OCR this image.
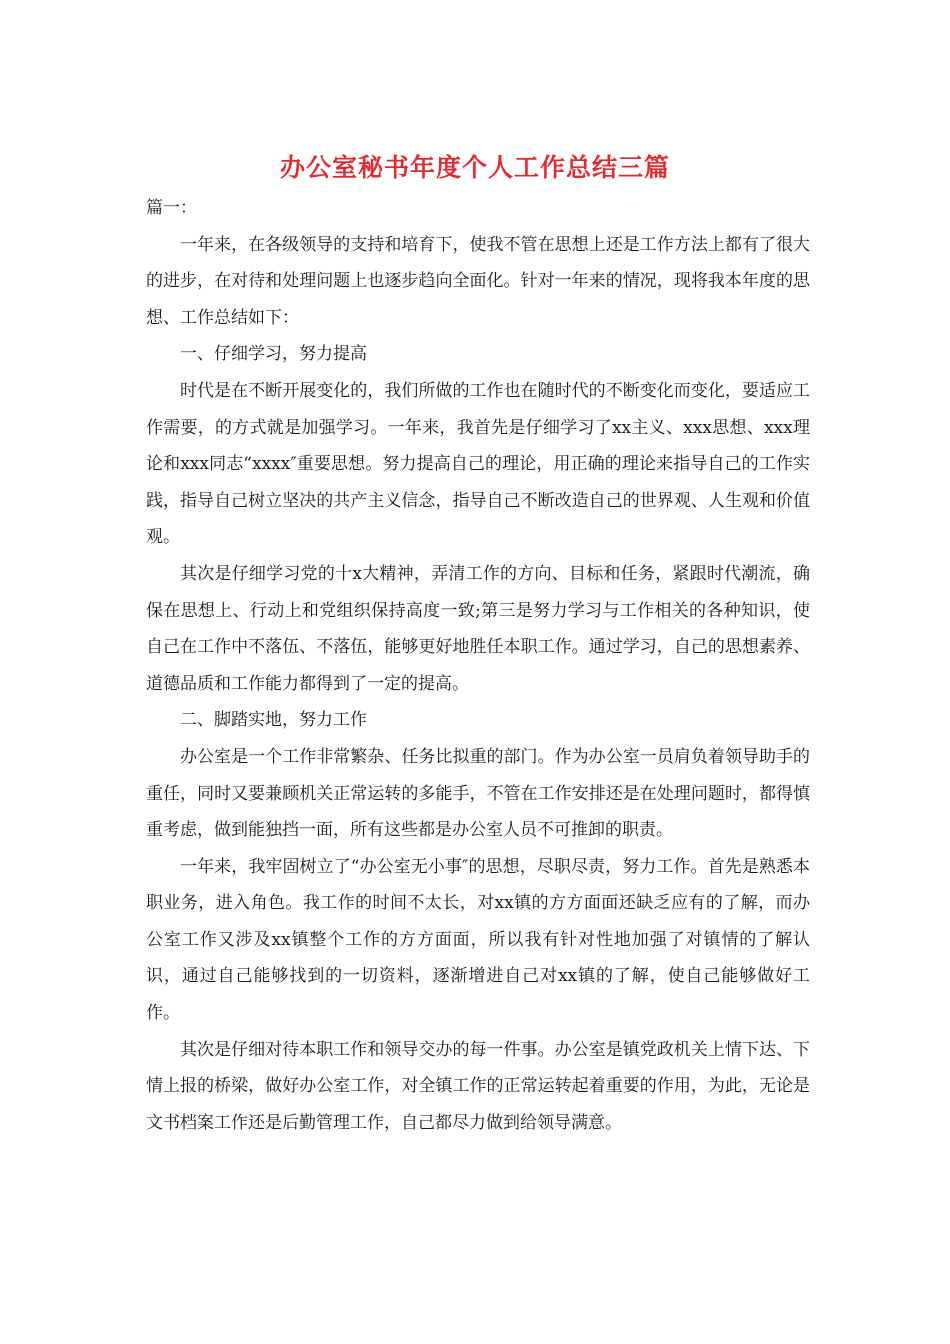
办公室秘书年度个人工作总结三篇

篇一：

一年来，在各级领导的支持和培育下，使我不管在思想上还是工作方法上都有了很大的进步，在对待和处理问题上也逐步趋向全面化。针对一年来的情况，现将我本年度的思想、工作总结如下：

一、仔细学习，努力提高

时代是在不断开展变化的，我们所做的工作也在随时代的不断变化而变化，要适应工作需要，的方式就是加强学习。一年来，我首先是仔细学习了xx主义、xxx思想、xxx理论和xxx同志“xxxx″重要思想。努力提高自己的理论，用正确的理论来指导自己的工作实践，指导自己树立坚决的共产主义信念，指导自己不断改造自己的世界观、人生观和价值观。

其次是仔细学习党的十x大精神，弄清工作的方向、目标和任务，紧跟时代潮流，确保在思想上、行动上和党组织保持高度一致;第三是努力学习与工作相关的各种知识，使自己在工作中不落伍、不落伍，能够更好地胜任本职工作。通过学习，自己的思想素养、道德品质和工作能力都得到了一定的提高。

二、脚踏实地，努力工作

办公室是一个工作非常繁杂、任务比拟重的部门。作为办公室一员肩负着领导助手的重任，同时又要兼顾机关正常运转的多能手，不管在工作安排还是在处理问题时，都得慎重考虑，做到能独挡一面，所有这些都是办公室人员不可推卸的职责。

一年来，我牢固树立了“办公室无小事″的思想，尽职尽责，努力工作。首先是熟悉本职业务，进入角色。我工作的时间不太长，对xx镇的方方面面还缺乏应有的了解，而办公室工作又涉及xx镇整个工作的方方面面，所以我有针对性地加强了对镇情的了解认识，通过自己能够找到的一切资料，逐渐增进自己对xx镇的了解，使自己能够做好工作。

其次是仔细对待本职工作和领导交办的每一件事。办公室是镇党政机关上情下达、下情上报的桥梁，做好办公室工作，对全镇工作的正常运转起着重要的作用，为此，无论是文书档案工作还是后勤管理工作，自己都尽力做到给领导满意。
